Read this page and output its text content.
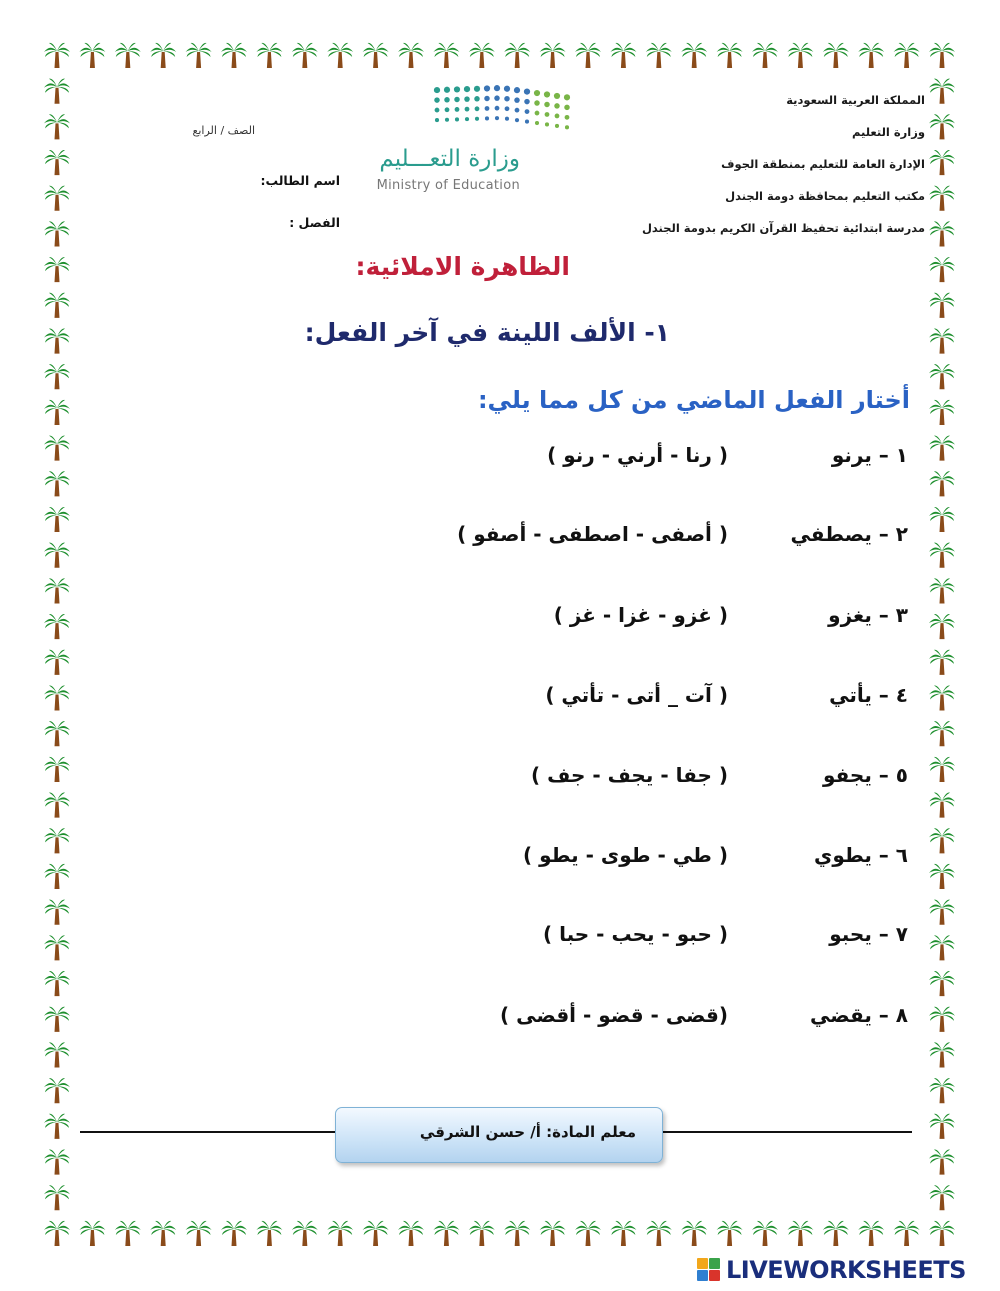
المملكة العربية السعودية
وزارة التعليم
الإدارة العامة للتعليم بمنطقة الجوف
مكتب التعليم بمحافظة دومة الجندل
مدرسة ابتدائية تحفيظ القرآن الكريم بدومة الجندل
وزارة التعـــليم
Ministry of Education
الصف / الرابع
اسم الطالب:
الفصل :
الظاهرة الاملائية:
١- الألف اللينة في آخر الفعل:
أختار الفعل الماضي من كل مما يلي:
١ – يرنو
( رنا - أرني - رنو )
٢ – يصطفي
( أصفى - اصطفى - أصفو )
٣ – يغزو
( غزو - غزا - غز )
٤ – يأتي
( آت _ أتى - تأتي )
٥ – يجفو
( جفا - يجف - جف )
٦ – يطوي
( طي - طوى - يطو )
٧ – يحبو
( حبو - يحب - حبا )
٨ – يقضي
(قضى - قضو - أقضى )
معلم المادة: أ/ حسن الشرقي
LIVEWORKSHEETS
